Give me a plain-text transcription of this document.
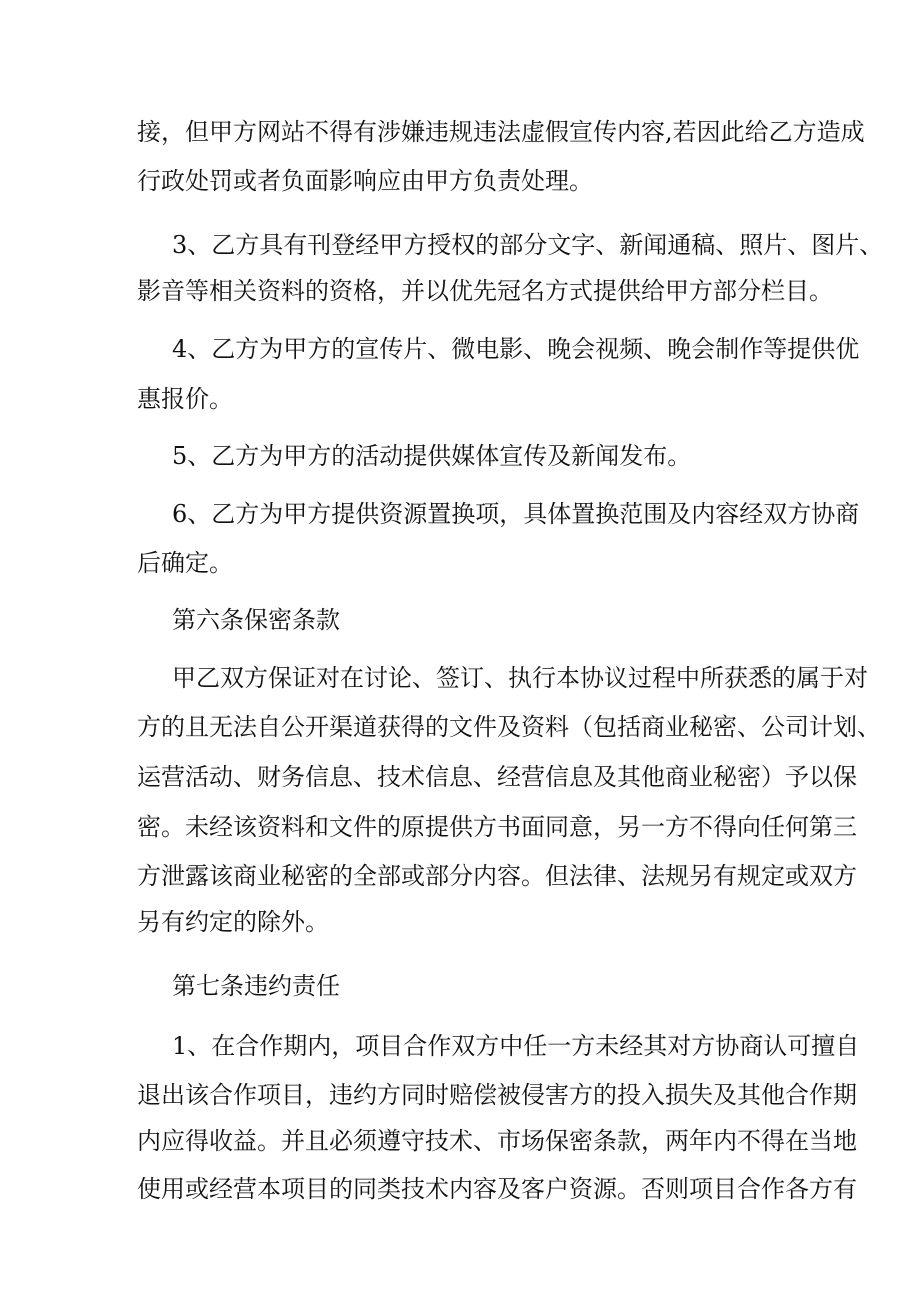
接，但甲方网站不得有涉嫌违规违法虚假宣传内容,若因此给乙方造成
行政处罚或者负面影响应由甲方负责处理。
3、乙方具有刊登经甲方授权的部分文字、新闻通稿、照片、图片、
影音等相关资料的资格，并以优先冠名方式提供给甲方部分栏目。
4、乙方为甲方的宣传片、微电影、晚会视频、晚会制作等提供优
惠报价。
5、乙方为甲方的活动提供媒体宣传及新闻发布。
6、乙方为甲方提供资源置换项，具体置换范围及内容经双方协商
后确定。
第六条保密条款
甲乙双方保证对在讨论、签订、执行本协议过程中所获悉的属于对
方的且无法自公开渠道获得的文件及资料（包括商业秘密、公司计划、
运营活动、财务信息、技术信息、经营信息及其他商业秘密）予以保
密。未经该资料和文件的原提供方书面同意，另一方不得向任何第三
方泄露该商业秘密的全部或部分内容。但法律、法规另有规定或双方
另有约定的除外。
第七条违约责任
1、在合作期内，项目合作双方中任一方未经其对方协商认可擅自
退出该合作项目，违约方同时赔偿被侵害方的投入损失及其他合作期
内应得收益。并且必须遵守技术、市场保密条款，两年内不得在当地
使用或经营本项目的同类技术内容及客户资源。否则项目合作各方有
